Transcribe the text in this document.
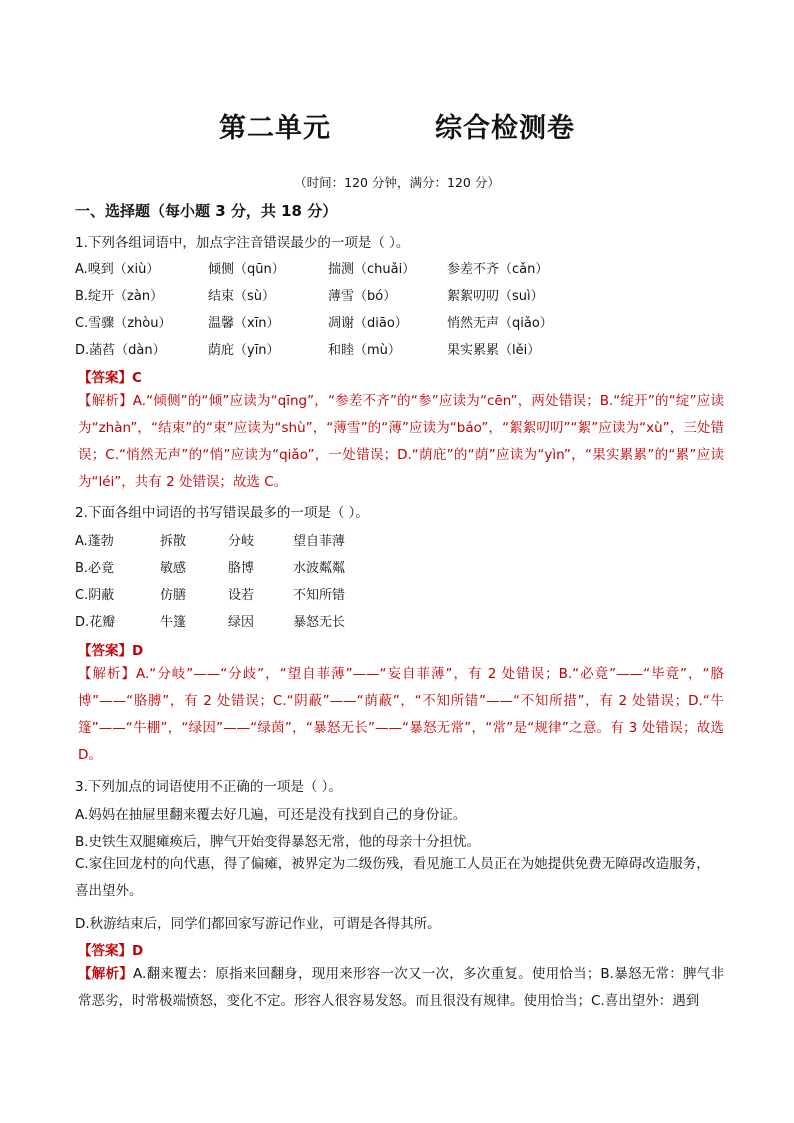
第二单元          综合检测卷
（时间：120 分钟，满分：120 分）
一、选择题（每小题 3 分，共 18 分）
1.下列各组词语中，加点字注音错误最少的一项是（ ）。
A.嗅到（xiù）	倾侧（qūn）	揣测（chuǎi） 参差不齐（cǎn）
B.绽开（zàn）	结束（sù）	薄雪（bó）	絮絮叨叨（suì）
C.雪骤（zhòu）	温馨（xīn）	凋谢（diāo）	悄然无声（qiǎo）
D.菡萏（dàn）	荫庇（yīn）	和睦（mù）	果实累累（lěi）
【答案】C
【解析】A.“倾侧”的“倾”应读为“qīng”，“参差不齐”的“参”应读为“cēn”，两处错误；B.“绽开”的“绽”应读为“zhàn”，“结束”的“束”应读为“shù”，“薄雪”的“薄”应读为“báo”，“絮絮叨叨”“絮”应读为“xù”，三处错误；C.“悄然无声”的“悄”应读为“qiǎo”，一处错误；D.“荫庇”的“荫”应读为“yìn”，“果实累累”的“累”应读为“léi”，共有 2 处错误；故选 C。
2.下面各组中词语的书写错误最多的一项是（ ）。
A.蓬勃	拆散	分岐	望自菲薄
B.必竟	敏感	胳博	水波粼粼
C.阴蔽	仿膳	设若	不知所错
D.花瓣	牛篷	绿因	暴怒无长
【答案】D
【解析】A.“分岐”——“分歧”，“望自菲薄”——“妄自菲薄”，有 2 处错误；B.“必竟”——“毕竟”，“胳博”——“胳膊”，有 2 处错误；C.“阴蔽”——“荫蔽”，“不知所错”——“不知所措”，有 2 处错误；D.“牛篷”——“牛棚”，“绿因”——“绿茵”，“暴怒无长”——“暴怒无常”，“常”是“规律”之意。有 3 处错误；故选 D。
3.下列加点的词语使用不正确的一项是（ ）。
A.妈妈在抽屉里翻来覆去好几遍，可还是没有找到自己的身份证。
B.史铁生双腿瘫痪后，脾气开始变得暴怒无常，他的母亲十分担忧。
C.家住回龙村的向代惠，得了偏瘫，被界定为二级伤残，看见施工人员正在为她提供免费无障碍改造服务，喜出望外。
D.秋游结束后，同学们都回家写游记作业，可谓是各得其所。
【答案】D
【解析】A.翻来覆去：原指来回翻身，现用来形容一次又一次，多次重复。使用恰当；B.暴怒无常：脾气非常恶劣，时常极端愤怒，变化不定。形容人很容易发怒。而且很没有规律。使用恰当；C.喜出望外：遇到
